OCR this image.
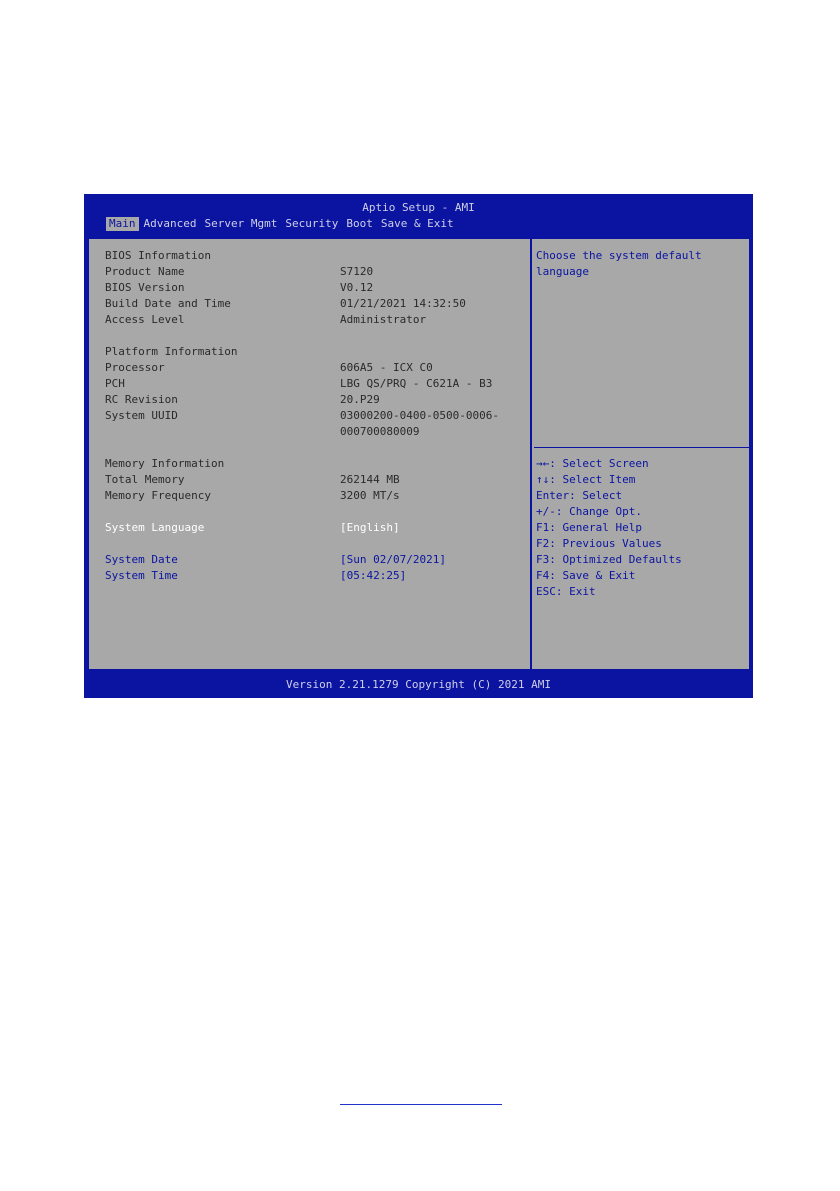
Aptio Setup - AMI
Main Advanced Server Mgmt Security Boot Save & Exit
BIOS Information
Product Name	S7120
BIOS Version	V0.12
Build Date and Time	01/21/2021 14:32:50
Access Level	Administrator
Platform Information
Processor	606A5 - ICX C0
PCH	LBG QS/PRQ - C621A - B3
RC Revision	20.P29
System UUID	03000200-0400-0500-0006-
000700080009
Memory Information
Total Memory	262144 MB
Memory Frequency	3200 MT/s
System Language	[English]
System Date	[Sun 02/07/2021]
System Time	[05:42:25]
Choose the system default
language
→←: Select Screen
↑↓: Select Item
Enter: Select
+/-: Change Opt.
F1: General Help
F2: Previous Values
F3: Optimized Defaults
F4: Save & Exit
ESC: Exit
Version 2.21.1279 Copyright (C) 2021 AMI
